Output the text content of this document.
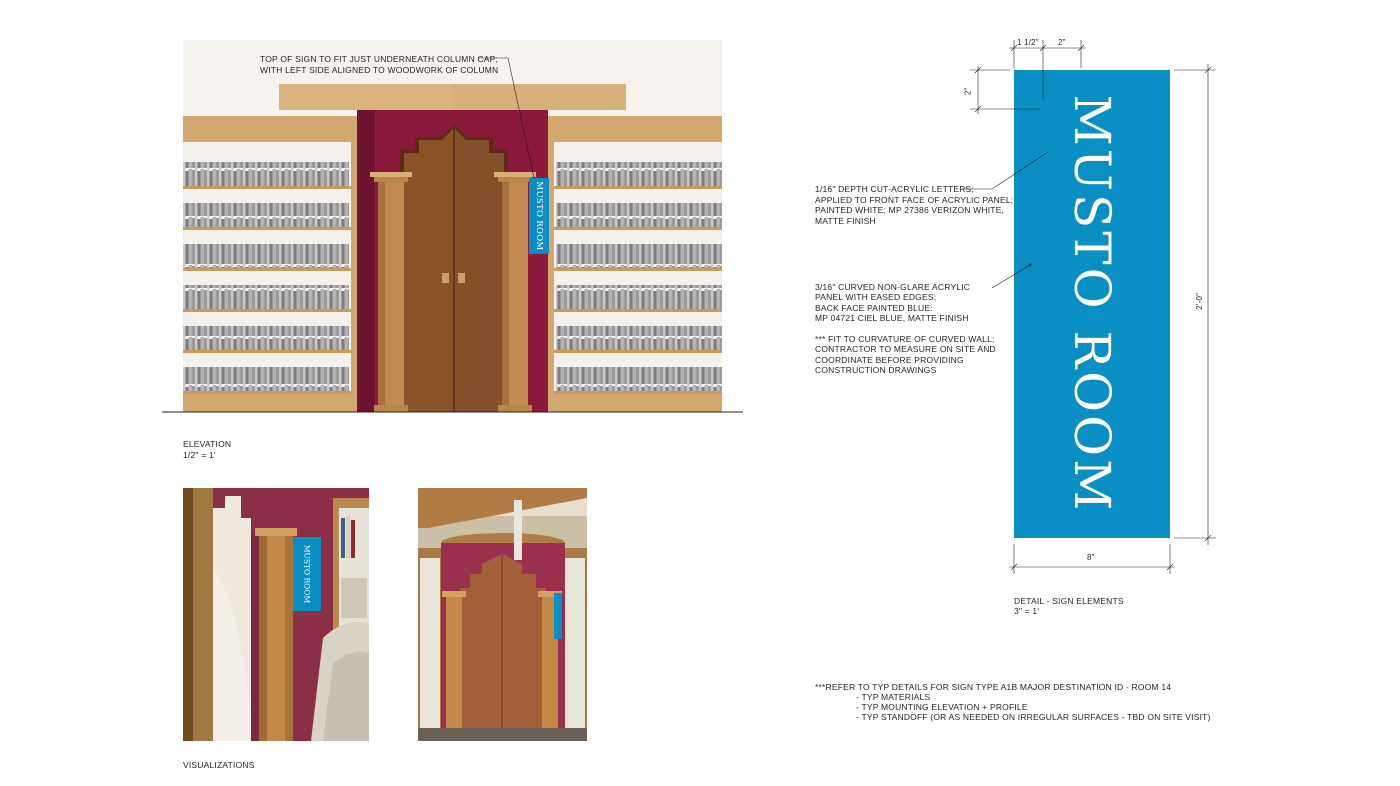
MUSTO ROOM
TOP OF SIGN TO FIT JUST UNDERNEATH COLUMN CAP;
WITH LEFT SIDE ALIGNED TO WOODWORK OF COLUMN
ELEVATION
1/2" = 1'
MUSTO ROOM
VISUALIZATIONS
MUSTO ROOM
1 1/2" 2"
2"
2'-0"
8"
1/16" DEPTH CUT-ACRYLIC LETTERS;
APPLIED TO FRONT FACE OF ACRYLIC PANEL;
PAINTED WHITE: MP 27386 VERIZON WHITE,
MATTE FINISH
3/16" CURVED NON-GLARE ACRYLIC
PANEL WITH EASED EDGES;
BACK FACE PAINTED BLUE:
MP 04721 CIEL BLUE, MATTE FINISH
*** FIT TO CURVATURE OF CURVED WALL;
CONTRACTOR TO MEASURE ON SITE AND
COORDINATE BEFORE PROVIDING
CONSTRUCTION DRAWINGS
DETAIL - SIGN ELEMENTS
3" = 1'
***REFER TO TYP DETAILS FOR SIGN TYPE A1B MAJOR DESTINATION ID - ROOM 14
- TYP MATERIALS
- TYP MOUNTING ELEVATION + PROFILE
- TYP STANDOFF (OR AS NEEDED ON IRREGULAR SURFACES - TBD ON SITE VISIT)
